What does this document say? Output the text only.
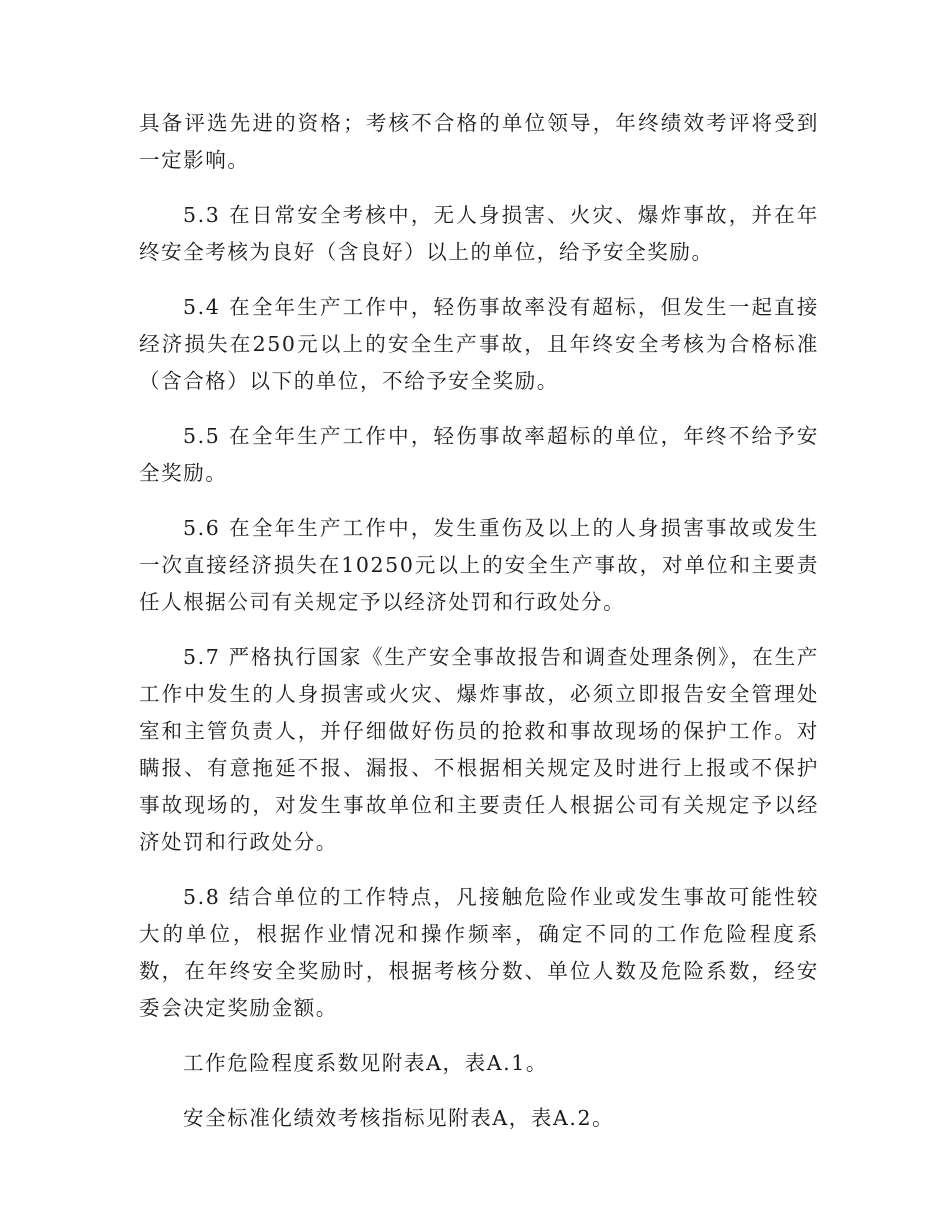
具备评选先进的资格；考核不合格的单位领导，年终绩效考评将受到一定影响。

5.3 在日常安全考核中，无人身损害、火灾、爆炸事故，并在年终安全考核为良好（含良好）以上的单位，给予安全奖励。

5.4 在全年生产工作中，轻伤事故率没有超标，但发生一起直接经济损失在250元以上的安全生产事故，且年终安全考核为合格标准（含合格）以下的单位，不给予安全奖励。

5.5 在全年生产工作中，轻伤事故率超标的单位，年终不给予安全奖励。

5.6 在全年生产工作中，发生重伤及以上的人身损害事故或发生一次直接经济损失在10250元以上的安全生产事故，对单位和主要责任人根据公司有关规定予以经济处罚和行政处分。

5.7 严格执行国家《生产安全事故报告和调查处理条例》，在生产工作中发生的人身损害或火灾、爆炸事故，必须立即报告安全管理处室和主管负责人，并仔细做好伤员的抢救和事故现场的保护工作。对瞒报、有意拖延不报、漏报、不根据相关规定及时进行上报或不保护事故现场的，对发生事故单位和主要责任人根据公司有关规定予以经济处罚和行政处分。

5.8 结合单位的工作特点，凡接触危险作业或发生事故可能性较大的单位，根据作业情况和操作频率，确定不同的工作危险程度系数，在年终安全奖励时，根据考核分数、单位人数及危险系数，经安委会决定奖励金额。

工作危险程度系数见附表A，表A.1。

安全标准化绩效考核指标见附表A，表A.2。
